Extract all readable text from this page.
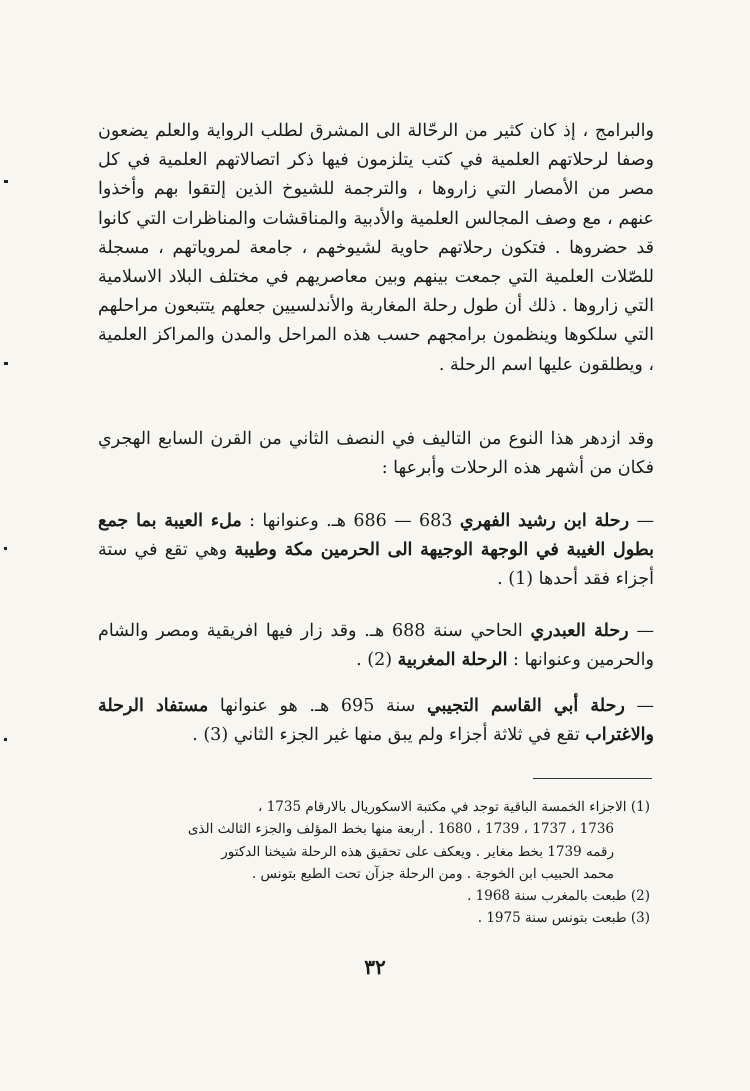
والبرامج ، إذ كان كثير من الرحّالة الى المشرق لطلب الرواية والعلم يضعون وصفا لرحلاتهم العلمية في كتب يتلزمون فيها ذكر اتصالاتهم العلمية في كل مصر من الأمصار التي زاروها ، والترجمة للشيوخ الذين إلتقوا بهم وأخذوا عنهم ، مع وصف المجالس العلمية والأدبية والمناقشات والمناظرات التي كانوا قد حضروها . فتكون رحلاتهم حاوية لشيوخهم ، جامعة لمروياتهم ، مسجلة للصّلات العلمية التي جمعت بينهم وبين معاصريهم في مختلف البلاد الاسلامية التي زاروها . ذلك أن طول رحلة المغاربة والأندلسيين جعلهم يتتبعون مراحلهم التي سلكوها وينظمون برامجهم حسب هذه المراحل والمدن والمراكز العلمية ، ويطلقون عليها اسم الرحلة .

وقد ازدهر هذا النوع من التاليف في النصف الثاني من القرن السابع الهجري فكان من أشهر هذه الرحلات وأبرعها :

— رحلة ابن رشيد الفهري 683 — 686 هـ. وعنوانها : ملء العيبة بما جمع بطول الغيبة في الوجهة الوجيهة الى الحرمين مكة وطيبة وهي تقع في ستة أجزاء فقد أحدها (1) .

— رحلة العبدري الحاحي سنة 688 هـ. وقد زار فيها افريقية ومصر والشام والحرمين وعنوانها : الرحلة المغربية (2) .

— رحلة أبي القاسم التجيبي سنة 695 هـ. هو عنوانها مستفاد الرحلة والاغتراب تقع في ثلاثة أجزاء ولم يبق منها غير الجزء الثاني (3) .

(1) الاجزاء الخمسة الباقية توجد في مكتبة الاسكوريال بالارقام 1735 ،
1736 ، 1737 ، 1739 ، 1680 . أربعة منها بخط المؤلف والجزء الثالث الذى
رقمه 1739 بخط مغاير . ويعكف على تحقيق هذه الرحلة شيخنا الدكتور
محمد الحبيب ابن الخوجة . ومن الرحلة جزآن تحت الطبع بتونس .
(2) طبعت بالمغرب سنة 1968 .
(3) طبعت بتونس سنة 1975 .
٣٢
